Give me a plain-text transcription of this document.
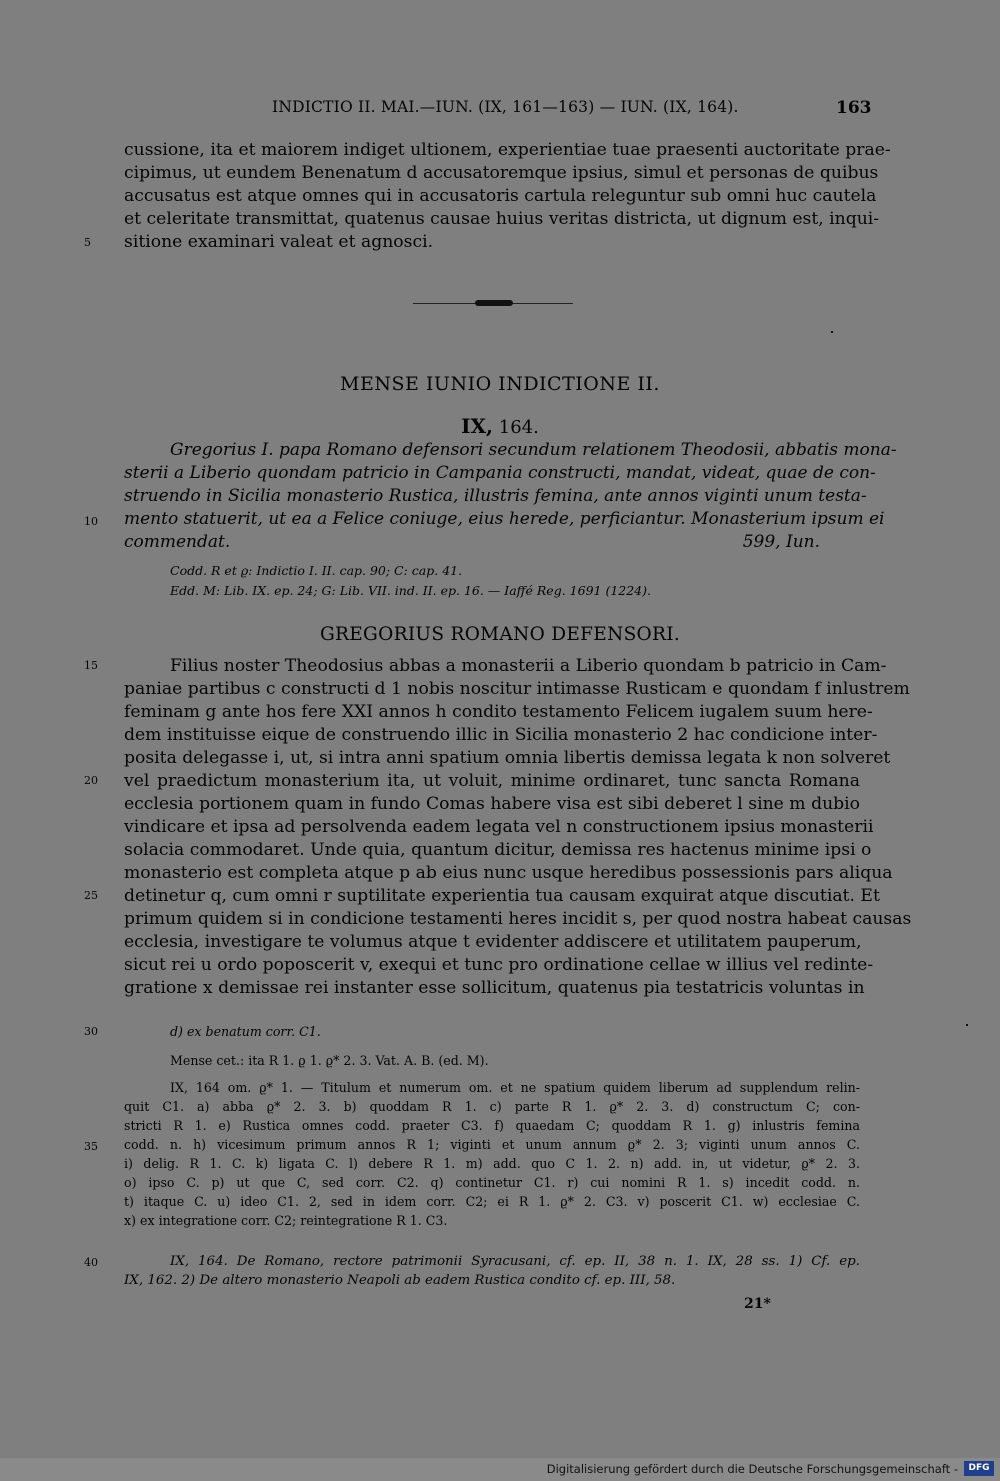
INDICTIO II. MAI.—IUN. (IX, 161—163) — IUN. (IX, 164).	163
cussione, ita et maiorem indiget ultionem, experientiae tuae praesenti auctoritate prae-
cipimus, ut eundem Benenatum d accusatoremque ipsius, simul et personas de quibus
accusatus est atque omnes qui in accusatoris cartula releguntur sub omni huc cautela
et celeritate transmittat, quatenus causae huius veritas districta, ut dignum est, inqui-
sitione examinari valeat et agnosci.
5
10
15
20
25
30
35
40
MENSE IUNIO INDICTIONE II.
IX, 164.
Gregorius I. papa Romano defensori secundum relationem Theodosii, abbatis mona-
sterii a Liberio quondam patricio in Campania constructi, mandat, videat, quae de con-
struendo in Sicilia monasterio Rustica, illustris femina, ante annos viginti unum testa-
mento statuerit, ut ea a Felice coniuge, eius herede, perficiantur. Monasterium ipsum ei
commendat.	599, Iun.
Codd. R et ϱ: Indictio I. II. cap. 90; C: cap. 41.
Edd. M: Lib. IX. ep. 24; G: Lib. VII. ind. II. ep. 16. — Iaffé Reg. 1691 (1224).
GREGORIUS ROMANO DEFENSORI.
Filius noster Theodosius abbas a monasterii a Liberio quondam b patricio in Cam-
paniae partibus c constructi d 1 nobis noscitur intimasse Rusticam e quondam f inlustrem
feminam g ante hos fere XXI annos h condito testamento Felicem iugalem suum here-
dem instituisse eique de construendo illic in Sicilia monasterio 2 hac condicione inter-
posita delegasse i, ut, si intra anni spatium omnia libertis demissa legata k non solveret
vel praedictum monasterium ita, ut voluit, minime ordinaret, tunc sancta Romana
ecclesia portionem quam in fundo Comas habere visa est sibi deberet l sine m dubio
vindicare et ipsa ad persolvenda eadem legata vel n constructionem ipsius monasterii
solacia commodaret. Unde quia, quantum dicitur, demissa res hactenus minime ipsi o
monasterio est completa atque p ab eius nunc usque heredibus possessionis pars aliqua
detinetur q, cum omni r suptilitate experientia tua causam exquirat atque discutiat. Et
primum quidem si in condicione testamenti heres incidit s, per quod nostra habeat causas
ecclesia, investigare te volumus atque t evidenter addiscere et utilitatem pauperum,
sicut rei u ordo poposcerit v, exequi et tunc pro ordinatione cellae w illius vel redinte-
gratione x demissae rei instanter esse sollicitum, quatenus pia testatricis voluntas in
d) ex benatum corr. C1.
Mense cet.: ita R 1. ϱ 1. ϱ* 2. 3. Vat. A. B. (ed. M).
IX, 164 om. ϱ* 1. — Titulum et numerum om. et ne spatium quidem liberum ad supplendum relin-
quit C1. a) abba ϱ* 2. 3. b) quoddam R 1. c) parte R 1. ϱ* 2. 3. d) constructum C; con-
stricti R 1. e) Rustica omnes codd. praeter C3. f) quaedam C; quoddam R 1. g) inlustris femina
codd. n. h) vicesimum primum annos R 1; viginti et unum annum ϱ* 2. 3; viginti unum annos C.
i) delig. R 1. C. k) ligata C. l) debere R 1. m) add. quo C 1. 2. n) add. in, ut videtur, ϱ* 2. 3.
o) ipso C. p) ut que C, sed corr. C2. q) continetur C1. r) cui nomini R 1. s) incedit codd. n.
t) itaque C. u) ideo C1. 2, sed in idem corr. C2; ei R 1. ϱ* 2. C3. v) poscerit C1. w) ecclesiae C.
x) ex integratione corr. C2; reintegratione R 1. C3.
IX, 164. De Romano, rectore patrimonii Syracusani, cf. ep. II, 38 n. 1. IX, 28 ss. 1) Cf. ep.
IX, 162. 2) De altero monasterio Neapoli ab eadem Rustica condito cf. ep. III, 58.
21*
Digitalisierung gefördert durch die Deutsche Forschungsgemeinschaft -	DFG
